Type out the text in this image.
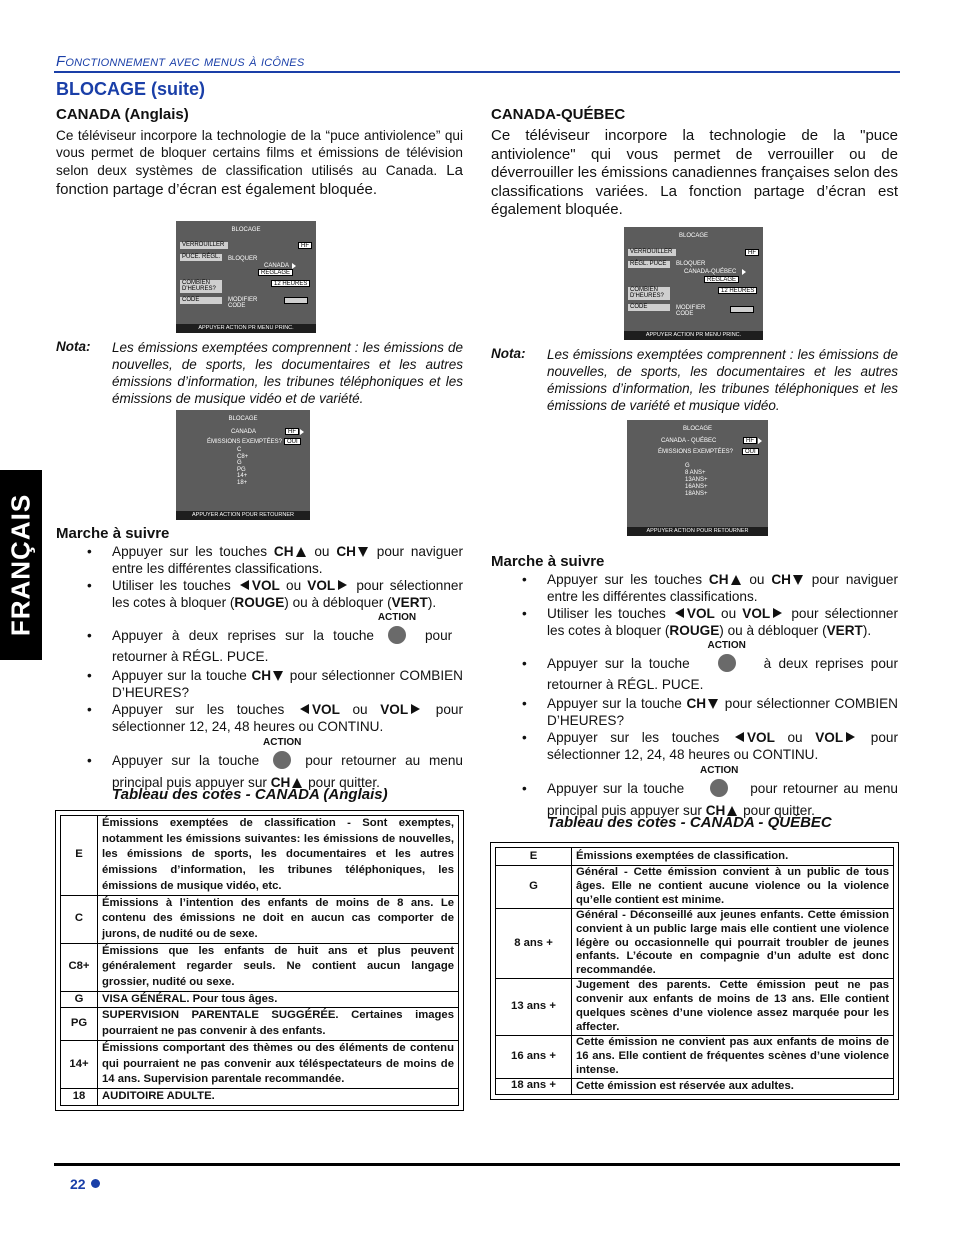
Fonctionnement avec menus à icônes
BLOCAGE (suite)
FRANÇAIS
CANADA (Anglais)
Ce téléviseur incorpore la technologie de la “puce antiviolence” qui vous permet de bloquer certains films et émissions de télévision selon deux systèmes de classification utilisés au Canada. La fonction partage d’écran est également bloquée.
BLOCAGE
VERROUILLER	HF
PUCE. RÉGL.	BLOQUER
CANADA
RÉGLAGE
COMBIEN D'HEURES?
12 HEURES
CODE	MODIFIER CODE
_ _ _ _
APPUYER ACTION PR MENU PRINC.
Nota: Les émissions exemptées comprennent : les émissions de nouvelles, de sports, les documentaires et les autres émissions d’information, les tribunes téléphoniques et les émissions de musique vidéo et de variété.
BLOCAGE
CANADA	HF
ÉMISSIONS EXEMPTÉES? OUI
C
C8+
G
PG
14+
18+
APPUYER ACTION POUR RETOURNER
Marche à suivre
• Appuyer sur les touches CH ou CH pour naviguer entre les différentes classifications.
• Utiliser les touches VOL ou VOL pour sélectionner les cotes à bloquer (ROUGE) ou à débloquer (VERT).
• Appuyer à deux reprises sur la touche
ACTION
pour retourner à RÉGL. PUCE.
• Appuyer sur la touche CH pour sélectionner COMBIEN D’HEURES?
• Appuyer sur les touches VOL ou VOL pour sélectionner 12, 24, 48 heures ou CONTINU.
• Appuyer sur la touche
ACTION
pour retourner au menu principal puis appuyer sur CH pour quitter.
Tableau des cotes - CANADA (Anglais)
E	Émissions exemptées de classification - Sont exemptes, notamment les émissions suivantes: les émissions de nouvelles, les émissions de sports, les documentaires et les autres émissions d’information, les tribunes téléphoniques, les émissions de musique vidéo, etc.
C	Émissions à l’intention des enfants de moins de 8 ans. Le contenu des émissions ne doit en aucun cas comporter de jurons, de nudité ou de sexe.
C8+	Émissions que les enfants de huit ans et plus peuvent généralement regarder seuls. Ne contient aucun langage grossier, nudité ou sexe.
G	VISA GÉNÉRAL. Pour tous âges.
PG	SUPERVISION PARENTALE SUGGÉRÉE. Certaines images pourraient ne pas convenir à des enfants.
14+	Émissions comportant des thèmes ou des éléments de contenu qui pourraient ne pas convenir aux téléspectateurs de moins de 14 ans. Supervision parentale recommandée.
18	AUDITOIRE ADULTE.
CANADA-QUÉBEC
Ce téléviseur incorpore la technologie de la "puce antiviolence" qui vous permet de verrouiller ou de déverrouiller les émissions canadiennes françaises selon des classifications variées. La fonction partage d’écran est également bloquée.
BLOCAGE
VERROUILLER	HF
RÉGL. PUCE	BLOQUER
CANADA-QUÉBEC
RÉGLAGE
COMBIEN D'HEURES?
12 HEURES
CODE	MODIFIER CODE
_ _ _ _
APPUYER ACTION PR MENU PRINC.
Nota: Les émissions exemptées comprennent : les émissions de nouvelles, de sports, les documentaires et les autres émissions d’information, les tribunes téléphoniques et les émissions de variété et musique vidéo.
BLOCAGE
CANADA - QUÉBEC	HF
ÉMISSIONS EXEMPTÉES?	OUI
G
8 ANS+
13ANS+
16ANS+
18ANS+
APPUYER ACTION POUR RETOURNER
Marche à suivre
• Appuyer sur les touches CH ou CH pour naviguer entre les différentes classifications.
• Utiliser les touches VOL ou VOL pour sélectionner les cotes à bloquer (ROUGE) ou à débloquer (VERT).
• Appuyer sur la touche
ACTION
à deux reprises pour retourner à RÉGL. PUCE.
• Appuyer sur la touche CH pour sélectionner COMBIEN D’HEURES?
• Appuyer sur les touches VOL ou VOL pour sélectionner 12, 24, 48 heures ou CONTINU.
• Appuyer sur la touche
ACTION
pour retourner au menu principal puis appuyer sur CH pour quitter.
Tableau des cotes - CANADA - QUÉBEC
E	Émissions exemptées de classification.
G	Général - Cette émission convient à un public de tous âges. Elle ne contient aucune violence ou la violence qu’elle contient est minime.
8 ans +	Général - Déconseillé aux jeunes enfants. Cette émission convient à un public large mais elle contient une violence légère ou occasionnelle qui pourrait troubler de jeunes enfants. L’écoute en compagnie d’un adulte est donc recommandée.
13 ans +	Jugement des parents. Cette émission peut ne pas convenir aux enfants de moins de 13 ans. Elle contient quelques scènes d’une violence assez marquée pour les affecter.
16 ans +	Cette émission ne convient pas aux enfants de moins de 16 ans. Elle contient de fréquentes scènes d’une violence intense.
18 ans +	Cette émission est réservée aux adultes.
22
